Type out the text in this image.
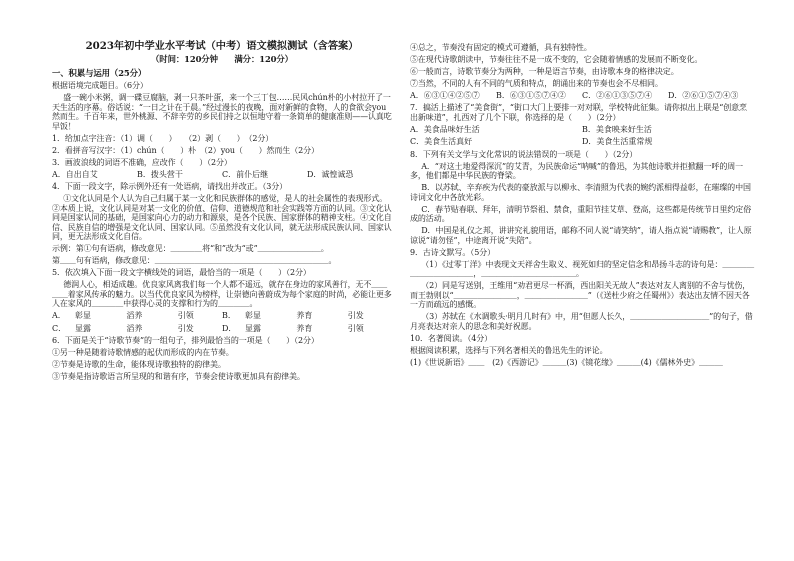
2023年初中学业水平考试（中考）语文模拟测试（含答案）
（时间：120分钟　　满分：120分）
一、积累与运用（25分）
根据语境完成题目。（6分）
盛一碗小米粥，调一碟豆腐脑，剥一只茶叶蛋，来一个三丁包……民风chún朴的小村拉开了一天生活的序幕。俗话说：“一日之计在于晨。”经过漫长的夜晚，面对新鲜的食物，人的食欲会you然而生。千百年来，世外桃源、不辞辛劳的乡民们持之以恒地守着一条简单的健康准则——认真吃早饭！
1．给加点字注音：（1）调（　　）　　（2）剥（　　）　（2分）
2．看拼音写汉字：（1）chún（　　）朴　（2）you（　　）然而生（2分）
3．画波浪线的词语不准确，应改作（　　）（2分）
A．自出自艾	B．拨头营干	C．前仆后继	D．诚惶诚恐
4．下面一段文字，除示例外还有一处语病，请找出并改正。（3分）
①文化认同是个人认为自己归属于某一文化和民族群体的感觉，是人的社会属性的表现形式。②本质上说，文化认同是对某一文化的价值、信仰、道德规范和社会实践等方面的认同。③文化认同是国家认同的基础，是国家向心力的动力和源泉，是各个民族、国家群体的精神支柱。④文化自信、民族自信的增强是文化认同、国家认同。⑤虽然没有文化认同，就无法形成民族认同、国家认同，更无法形成文化自信。
示例：第①句有语病，修改意见：＿＿＿＿将“和”改为“或”＿＿＿＿＿＿＿＿。
第＿＿句有语病，修改意见：＿＿＿＿＿＿＿＿＿＿＿＿＿＿＿＿＿＿＿＿＿＿。
5．依次填入下面一段文字横线处的词语，最恰当的一项是（　　）（2分）
德润人心，相适成趣。优良家风离我们每一个人都不遥远，就存在身边的家风善行，无不＿＿＿＿着家风传承的魅力。以当代优良家风为榜样，让崇德向善蔚成为每个家庭的时尚，必能让更多人在家风的＿＿＿＿中获得心灵的支撑和行为的＿＿＿＿。
A．	彰显	滔养	引领	B．	彰显	养育	引发
C．	显露	滔养	引发	D．	显露	养育	引领
6．下面是关于“诗歌节奏”的一组句子，排列最恰当的一项是（　　）（2分）
①另一种是随着诗歌情感的起伏而形成的内在节奏。
②节奏是诗歌的生命，能体现诗歌独特的韵律美。
③节奏是指诗歌语言所呈现的和谐有序，节奏会使诗歌更加具有韵律美。
④总之，节奏没有固定的模式可遵循，具有独特性。
⑤在现代诗歌朗读中，节奏往往不是一成不变的，它会随着情感的发展而不断变化。
⑥一般而言，诗歌节奏分为两种，一种是语言节奏，由诗歌本身的格律决定。
⑦当然，不同的人有不同的气质和特点，朗诵出来的节奏也会不尽相同。
A．⑥③①④②⑤⑦	B．⑥③①⑤⑦④②	C．②⑥①③⑤⑦④	D．②⑥①⑤⑦④③
7．搞活上描述了“美食街”，“街口大门上要排一对对联，学校特此征集。请你拟出上联是“创意烹出新味道”，扎西对了几个下联，你选择的是（　　）（2分）
A．美食品味好生活	B．美食映来好生活
C．美食生活真好	D．美食生活重常规
8．下列有关文学与文化常识的说法错误的一项是（　　）（2分）
A．“对这土地爱得深沉”的艾青，为民族命运“呐喊”的鲁迅，为其他诗歌并拒掀翻一呼的周一多，他们都是中华民族的脊梁。
B．以苏轼、辛弃疾为代表的豪放派与以柳永、李清照为代表的婉约派相得益彰，在璀璨的中国诗词文化中各放光彩。
C．春节贴春联、拜年，清明节祭祖、禁食，重阳节挂艾草、登高，这些都是传统节日里约定俗成的活动。
D．中国是礼仪之邦，讲讲究礼貌用语，邮称不同人说“请笑纳”，请人指点说“请赐教”，让人原谅说“请勿怪”，中途离开说“失陪”。
9．古诗文默写。（5分）
（1）《过零丁洋》中表现文天祥舍生取义、视死如归的坚定信念和昂扬斗志的诗句是：＿＿＿＿＿＿＿＿＿＿＿＿，＿＿＿＿＿＿＿＿＿＿＿＿。
（2）同是写送别，王维用“劝君更尽一杯酒，西出阳关无故人”表达对友人离别的不舍与忧伤，而王勃则以“＿＿＿＿＿＿＿＿，＿＿＿＿＿＿＿＿”（《送杜少府之任蜀州》）表达出友情不因天各一方而疏远的感慨。
（3）苏轼在《水调歌头·明月几时有》中，用“但愿人长久，＿＿＿＿＿＿＿＿＿＿”的句子，借月亮表达对亲人的思念和美好祝愿。
10．名著阅读。（4分）
根据阅读积累，选择与下列名著相关的鲁迅先生的评论。
(1)《世说新语》＿＿　(2)《西游记》＿＿＿(3)《镜花缘》＿＿＿(4)《儒林外史》＿＿＿
